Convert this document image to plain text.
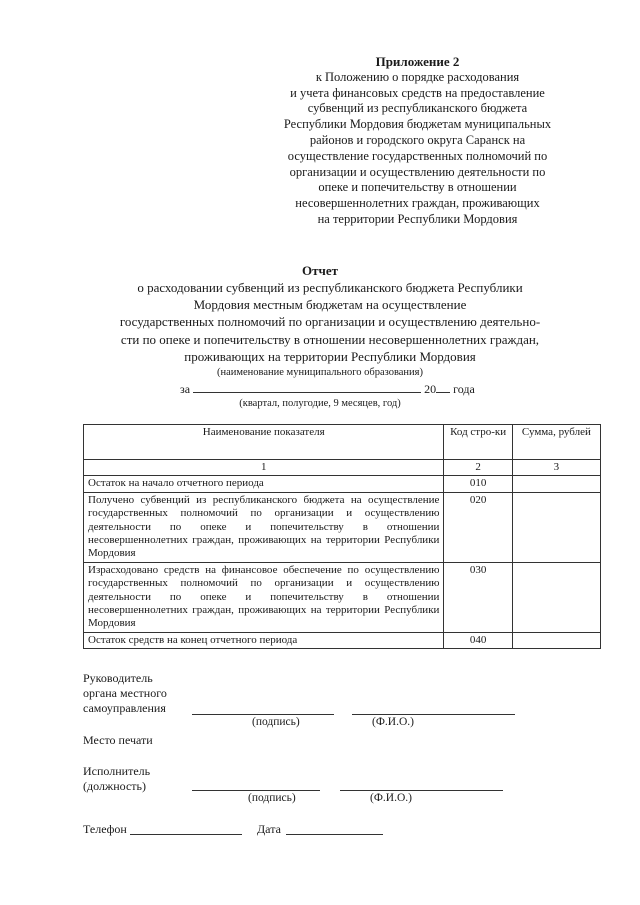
Приложение 2
к Положению о порядке расходования
и учета финансовых средств на предоставление
субвенций из республиканского бюджета
Республики Мордовия бюджетам муниципальных
районов и городского округа Саранск на
осуществление государственных полномочий по
организации и осуществлению деятельности по
опеке и попечительству в отношении
несовершеннолетних граждан, проживающих
на территории Республики Мордовия
Отчет
о расходовании субвенций из республиканского бюджета Республики
Мордовия местным бюджетам на осуществление
государственных полномочий по организации и осуществлению деятельно-
сти по опеке и попечительству в отношении несовершеннолетних граждан,
проживающих на территории Республики Мордовия
(наименование муниципального образования)
за	20 года
(квартал, полугодие, 9 месяцев, год)
Наименование показателя	Код стро-ки	Сумма, рублей
1	2	3
Остаток на начало отчетного периода	010	
Получено субвенций из республиканского бюджета на осуществление государственных полномочий по организации и осуществлению деятельности по опеке и попечительству в отношении несовершеннолетних граждан, проживающих на территории Республики Мордовия	020	
Израсходовано средств на финансовое обеспечение по осуществлению государственных полномочий по организации и осуществлению деятельности по опеке и попечительству в отношении несовершеннолетних граждан, проживающих на территории Республики Мордовия	030	
Остаток средств на конец отчетного периода	040	
Руководитель
органа местного
самоуправления
(подпись)	(Ф.И.О.)
Место печати
Исполнитель
(должность)
(подпись)	(Ф.И.О.)
Телефон	Дата
